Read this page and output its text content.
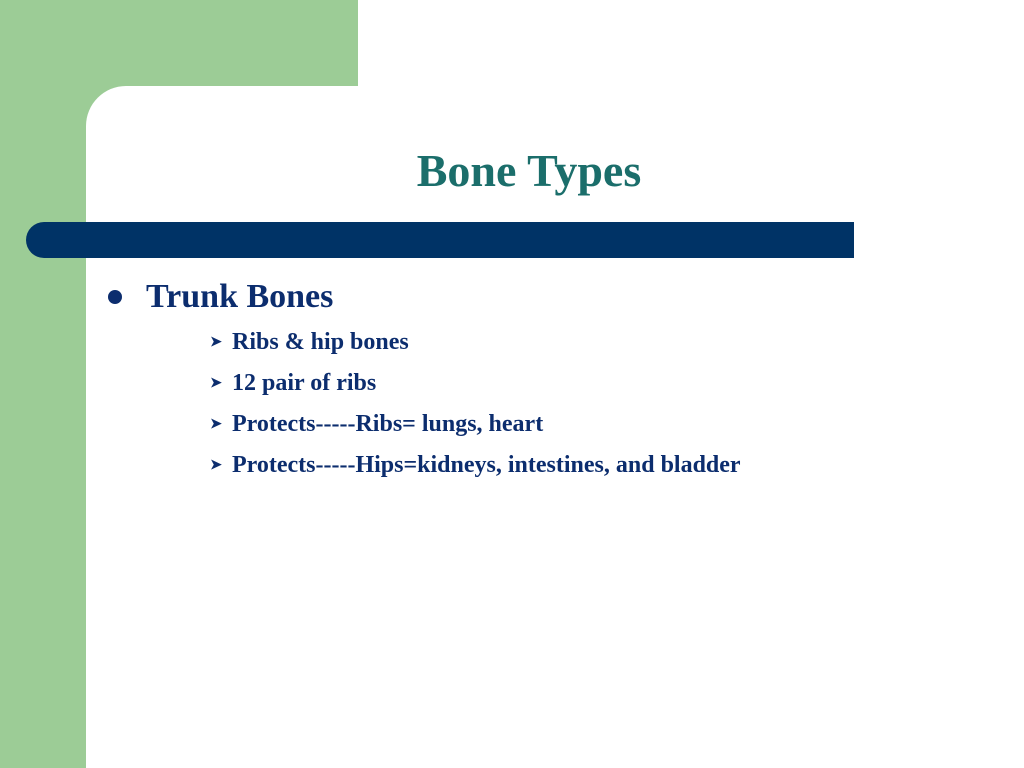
Bone Types
Trunk Bones
➤ Ribs & hip bones
➤ 12 pair of ribs
➤ Protects-----Ribs= lungs, heart
➤ Protects-----Hips=kidneys, intestines, and bladder
